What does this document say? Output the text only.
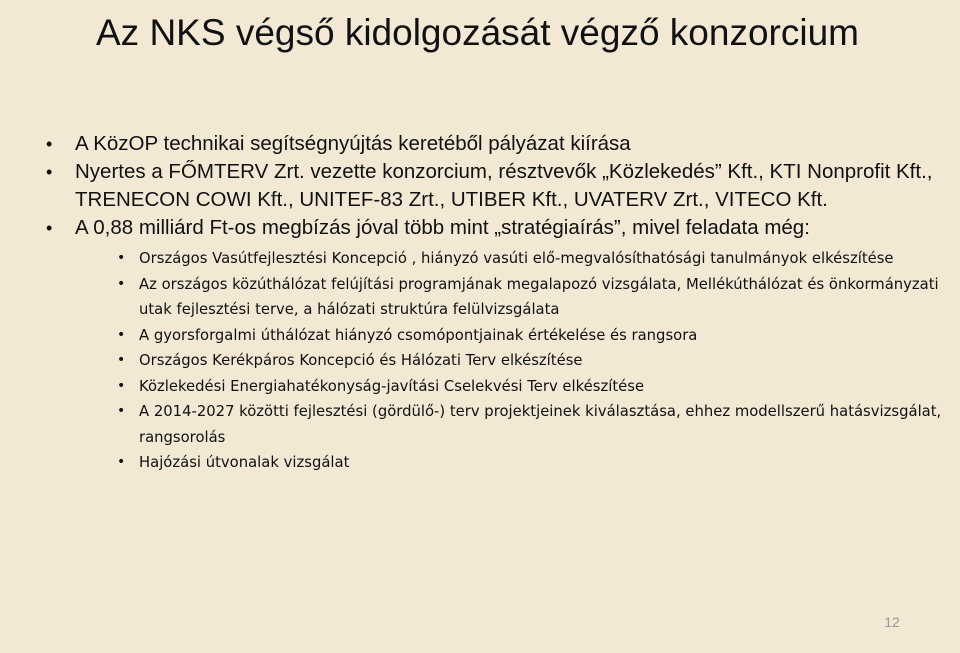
Az NKS végső kidolgozását végző konzorcium
• A KözOP technikai segítségnyújtás keretéből pályázat kiírása
• Nyertes a FŐMTERV Zrt. vezette konzorcium, résztvevők „Közlekedés” Kft., KTI Nonprofit Kft., TRENECON COWI Kft., UNITEF-83 Zrt., UTIBER Kft., UVATERV Zrt., VITECO Kft.
• A 0,88 milliárd Ft-os megbízás jóval több mint „stratégiaírás”, mivel feladata még:
• Országos Vasútfejlesztési Koncepció , hiányzó vasúti elő-megvalósíthatósági tanulmányok elkészítése
• Az országos közúthálózat felújítási programjának megalapozó vizsgálata, Mellékúthálózat és önkormányzati utak fejlesztési terve, a hálózati struktúra felülvizsgálata
• A gyorsforgalmi úthálózat hiányzó csomópontjainak értékelése és rangsora
• Országos Kerékpáros Koncepció és Hálózati Terv elkészítése
• Közlekedési Energiahatékonyság-javítási Cselekvési Terv elkészítése
• A 2014-2027 közötti fejlesztési (gördülő-) terv projektjeinek kiválasztása, ehhez modellszerű hatásvizsgálat, rangsorolás
• Hajózási útvonalak vizsgálat
12
